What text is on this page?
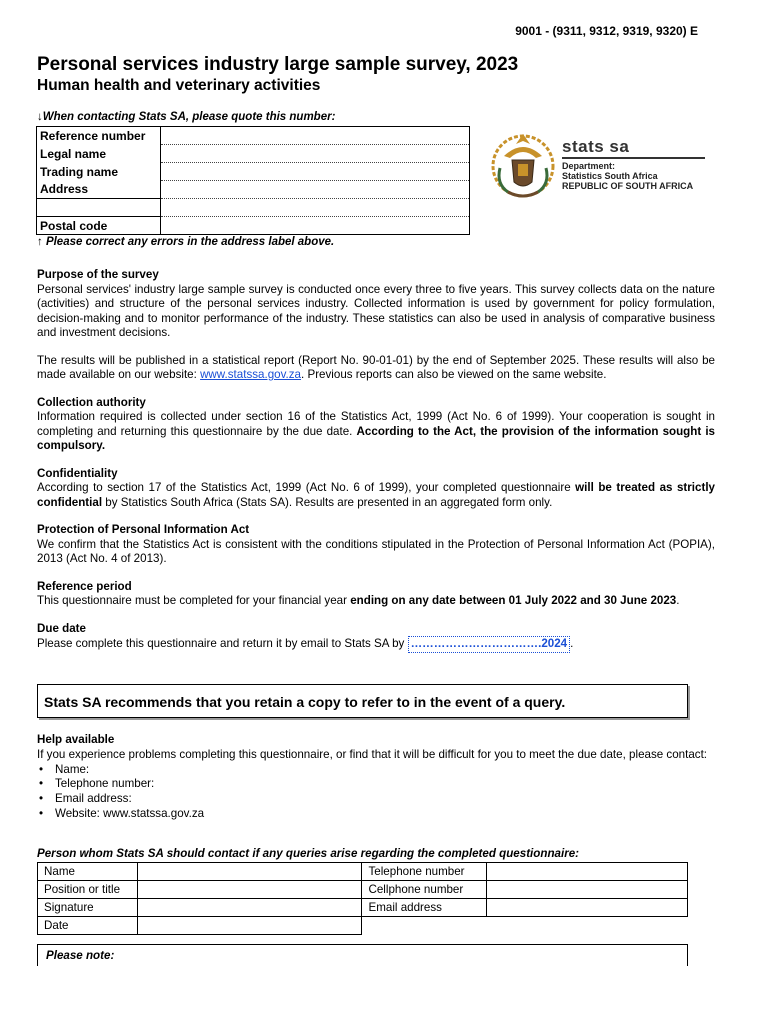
9001 - (9311, 9312, 9319, 9320) E
Personal services industry large sample survey, 2023
Human health and veterinary activities
↓When contacting Stats SA, please quote this number:
Reference number	
Legal name	
Trading name	
Address	

Postal code	
↑ Please correct any errors in the address label above.
stats sa
Department:
Statistics South Africa
REPUBLIC OF SOUTH AFRICA
Purpose of the survey

Personal services' industry large sample survey is conducted once every three to five years. This survey collects data on the nature (activities) and structure of the personal services industry. Collected information is used by government for policy formulation, decision-making and to monitor performance of the industry. These statistics can also be used in analysis of comparative business and investment decisions.

The results will be published in a statistical report (Report No. 90-01-01) by the end of September 2025. These results will also be made available on our website: www.statssa.gov.za. Previous reports can also be viewed on the same website.

Collection authority

Information required is collected under section 16 of the Statistics Act, 1999 (Act No. 6 of 1999). Your cooperation is sought in completing and returning this questionnaire by the due date. According to the Act, the provision of the information sought is compulsory.

Confidentiality

According to section 17 of the Statistics Act, 1999 (Act No. 6 of 1999), your completed questionnaire will be treated as strictly confidential by Statistics South Africa (Stats SA). Results are presented in an aggregated form only.

Protection of Personal Information Act

We confirm that the Statistics Act is consistent with the conditions stipulated in the Protection of Personal Information Act (POPIA), 2013 (Act No. 4 of 2013).

Reference period

This questionnaire must be completed for your financial year ending on any date between 01 July 2022 and 30 June 2023.

Due date

Please complete this questionnaire and return it by email to Stats SA by …………………………….2024 .

Stats SA recommends that you retain a copy to refer to in the event of a query.
Help available

If you experience problems completing this questionnaire, or find that it will be difficult for you to meet the due date, please contact:

• Name:
• Telephone number:
• Email address:
• Website: www.statssa.gov.za
Person whom Stats SA should contact if any queries arise regarding the completed questionnaire:
Name		Telephone number	
Position or title		Cellphone number	
Signature		Email address	
Date			
Please note:
